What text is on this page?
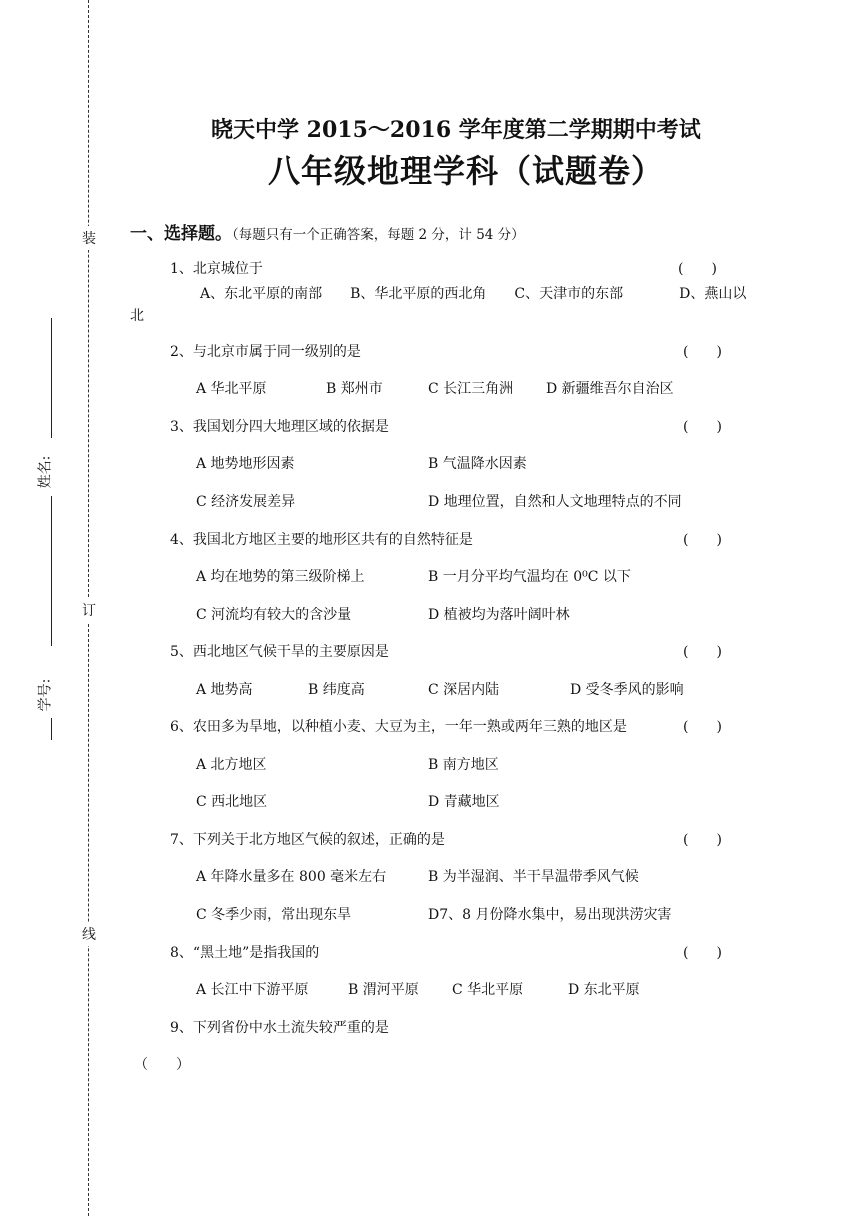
装
订
线
姓名:
学号:
晓天中学 2015～2016 学年度第二学期期中考试
八年级地理学科（试题卷）
一、选择题。（每题只有一个正确答案，每题 2 分，计 54 分）
1、北京城位于	(　　)
A、东北平原的南部　　B、华北平原的西北角　　C、天津市的东部　　　　D、燕山以
北
2、与北京市属于同一级别的是	(　　)
A 华北平原	B 郑州市	C 长江三角洲 D 新疆维吾尔自治区
3、我国划分四大地理区域的依据是	(　　)
A 地势地形因素	B 气温降水因素
C 经济发展差异	D 地理位置，自然和人文地理特点的不同
4、我国北方地区主要的地形区共有的自然特征是	(　　)
A 均在地势的第三级阶梯上	B 一月分平均气温均在 0⁰C 以下
C 河流均有较大的含沙量	D 植被均为落叶阔叶林
5、西北地区气候干旱的主要原因是	(　　)
A 地势高	B 纬度高	C 深居内陆	D 受冬季风的影响
6、农田多为旱地，以种植小麦、大豆为主，一年一熟或两年三熟的地区是	(　　)
A 北方地区	B 南方地区
C 西北地区	D 青藏地区
7、下列关于北方地区气候的叙述，正确的是	(　　)
A 年降水量多在 800 毫米左右	B 为半湿润、半干旱温带季风气候
C 冬季少雨，常出现东旱	D7、8 月份降水集中，易出现洪涝灾害
8、“黑土地”是指我国的	(　　)
A 长江中下游平原	B 渭河平原 C 华北平原	D 东北平原
9、下列省份中水土流失较严重的是
（　　）
